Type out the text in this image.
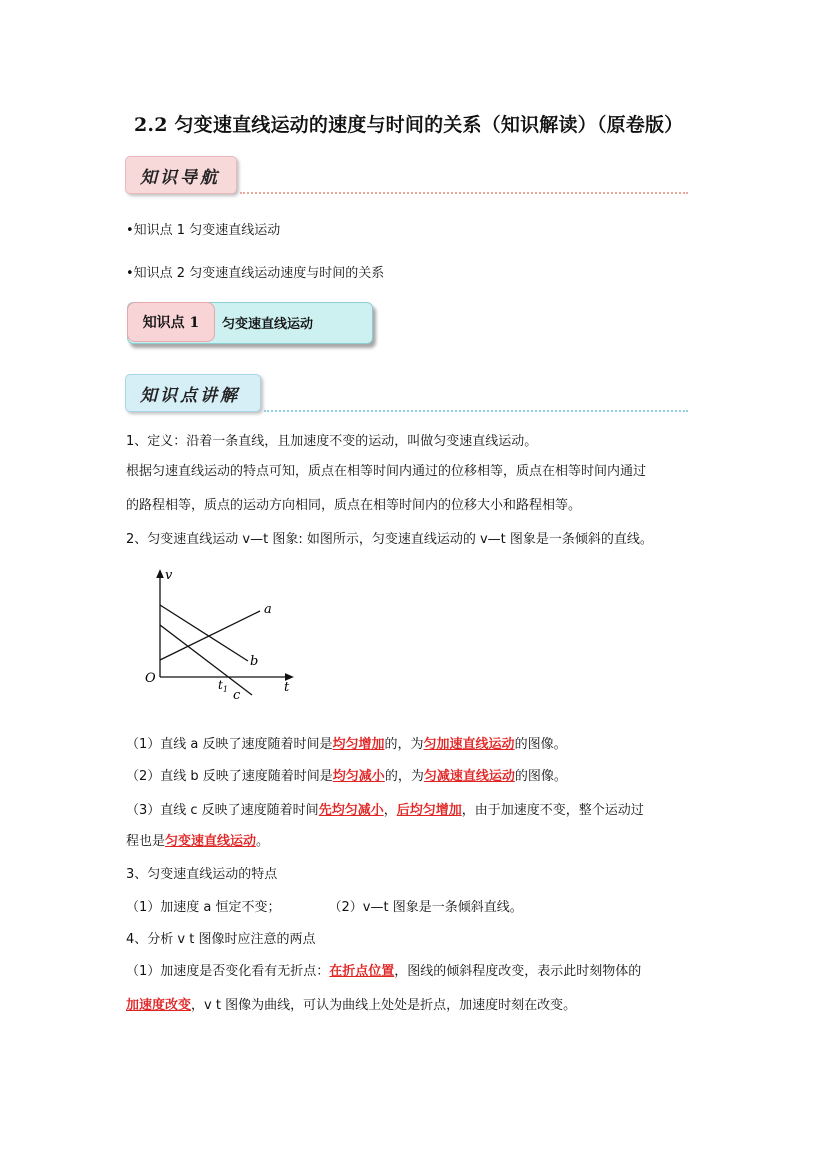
2.2 匀变速直线运动的速度与时间的关系（知识解读）（原卷版）
知识导航
•知识点 1 匀变速直线运动
•知识点 2 匀变速直线运动速度与时间的关系
知识点 1	匀变速直线运动
知识点讲解
1、定义：沿着一条直线，且加速度不变的运动，叫做匀变速直线运动。
根据匀速直线运动的特点可知，质点在相等时间内通过的位移相等，质点在相等时间内通过
的路程相等，质点的运动方向相同，质点在相等时间内的位移大小和路程相等。
2、匀变速直线运动 v—t 图象: 如图所示，匀变速直线运动的 v—t 图象是一条倾斜的直线。
v
t
O
a
b
c
$t_1$
（1）直线 a 反映了速度随着时间是均匀增加的，为匀加速直线运动的图像。
（2）直线 b 反映了速度随着时间是均匀减小的，为匀减速直线运动的图像。
（3）直线 c 反映了速度随着时间先均匀减小，后均匀增加，由于加速度不变，整个运动过
程也是匀变速直线运动。
3、匀变速直线运动的特点
（1）加速度 a 恒定不变；	（2）v—t 图象是一条倾斜直线。
4、分析 v t 图像时应注意的两点
（1）加速度是否变化看有无折点：在折点位置，图线的倾斜程度改变，表示此时刻物体的
加速度改变，v t 图像为曲线，可认为曲线上处处是折点，加速度时刻在改变。
